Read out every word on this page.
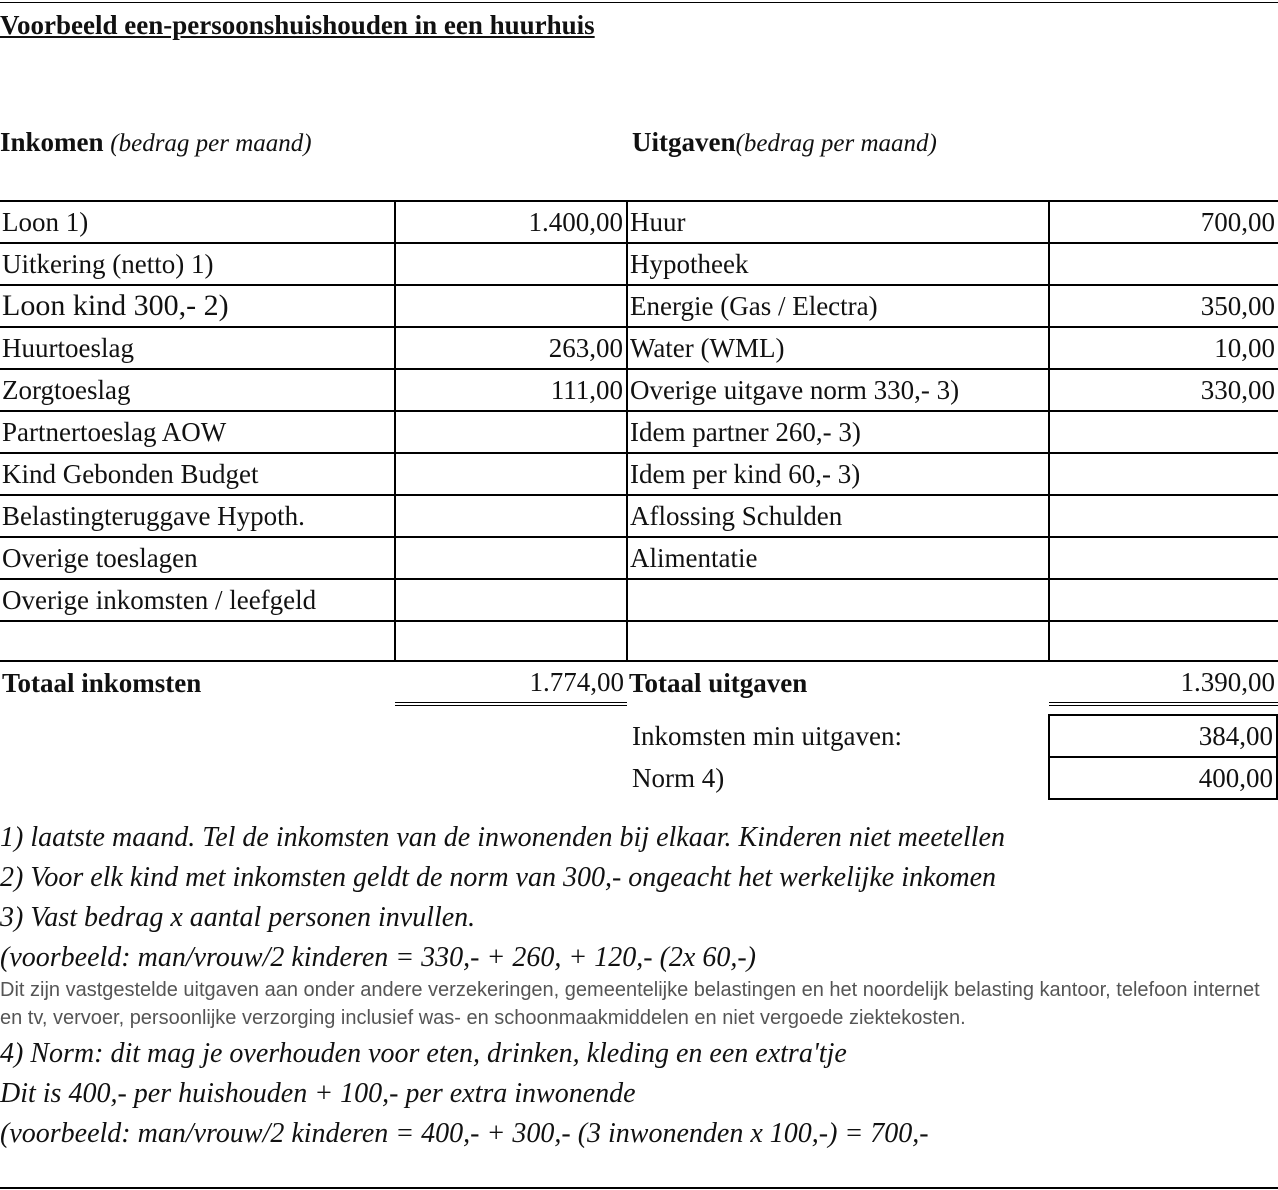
Voorbeeld een-persoonshuishouden in een huurhuis
Inkomen (bedrag per maand)	Uitgaven(bedrag per maand)
Loon 1)	1.400,00	Huur	700,00
Uitkering (netto) 1)		Hypotheek	
Loon kind 300,- 2)		Energie (Gas / Electra)	350,00
Huurtoeslag	263,00	Water (WML)	10,00
Zorgtoeslag	111,00	Overige uitgave norm 330,- 3)	330,00
Partnertoeslag AOW		Idem partner 260,- 3)	
Kind Gebonden Budget		Idem per kind 60,- 3)	
Belastingteruggave Hypoth.		Aflossing Schulden	
Overige toeslagen		Alimentatie	
Overige inkomsten / leefgeld			

Totaal inkomsten	1.774,00	Totaal uitgaven	1.390,00
Inkomsten min uitgaven:	384,00
Norm 4)	400,00
1) laatste maand. Tel de inkomsten van de inwonenden bij elkaar. Kinderen niet meetellen
2) Voor elk kind met inkomsten geldt de norm van 300,- ongeacht het werkelijke inkomen
3) Vast bedrag x aantal personen invullen.
(voorbeeld: man/vrouw/2 kinderen = 330,- + 260, + 120,- (2x 60,-)
Dit zijn vastgestelde uitgaven aan onder andere verzekeringen, gemeentelijke belastingen en het noordelijk belasting kantoor, telefoon internet en tv, vervoer, persoonlijke verzorging inclusief was- en schoonmaakmiddelen en niet vergoede ziektekosten.
4) Norm: dit mag je overhouden voor eten, drinken, kleding en een extra'tje
Dit is 400,- per huishouden + 100,- per extra inwonende
(voorbeeld: man/vrouw/2 kinderen = 400,- + 300,- (3 inwonenden x 100,-) = 700,-
